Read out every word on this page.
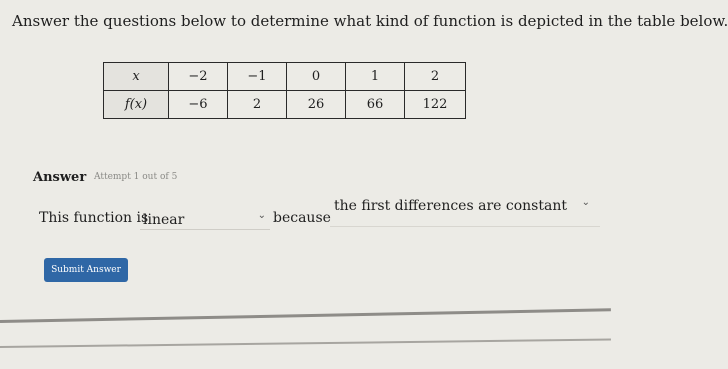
Answer the questions below to determine what kind of function is depicted in the table below.
x	−2	−1	0	1	2
f(x)	−6	2	26	66	122
Answer Attempt 1 out of 5
This function is	because
linear	⌄
the first differences are constant ⌄
Submit Answer
